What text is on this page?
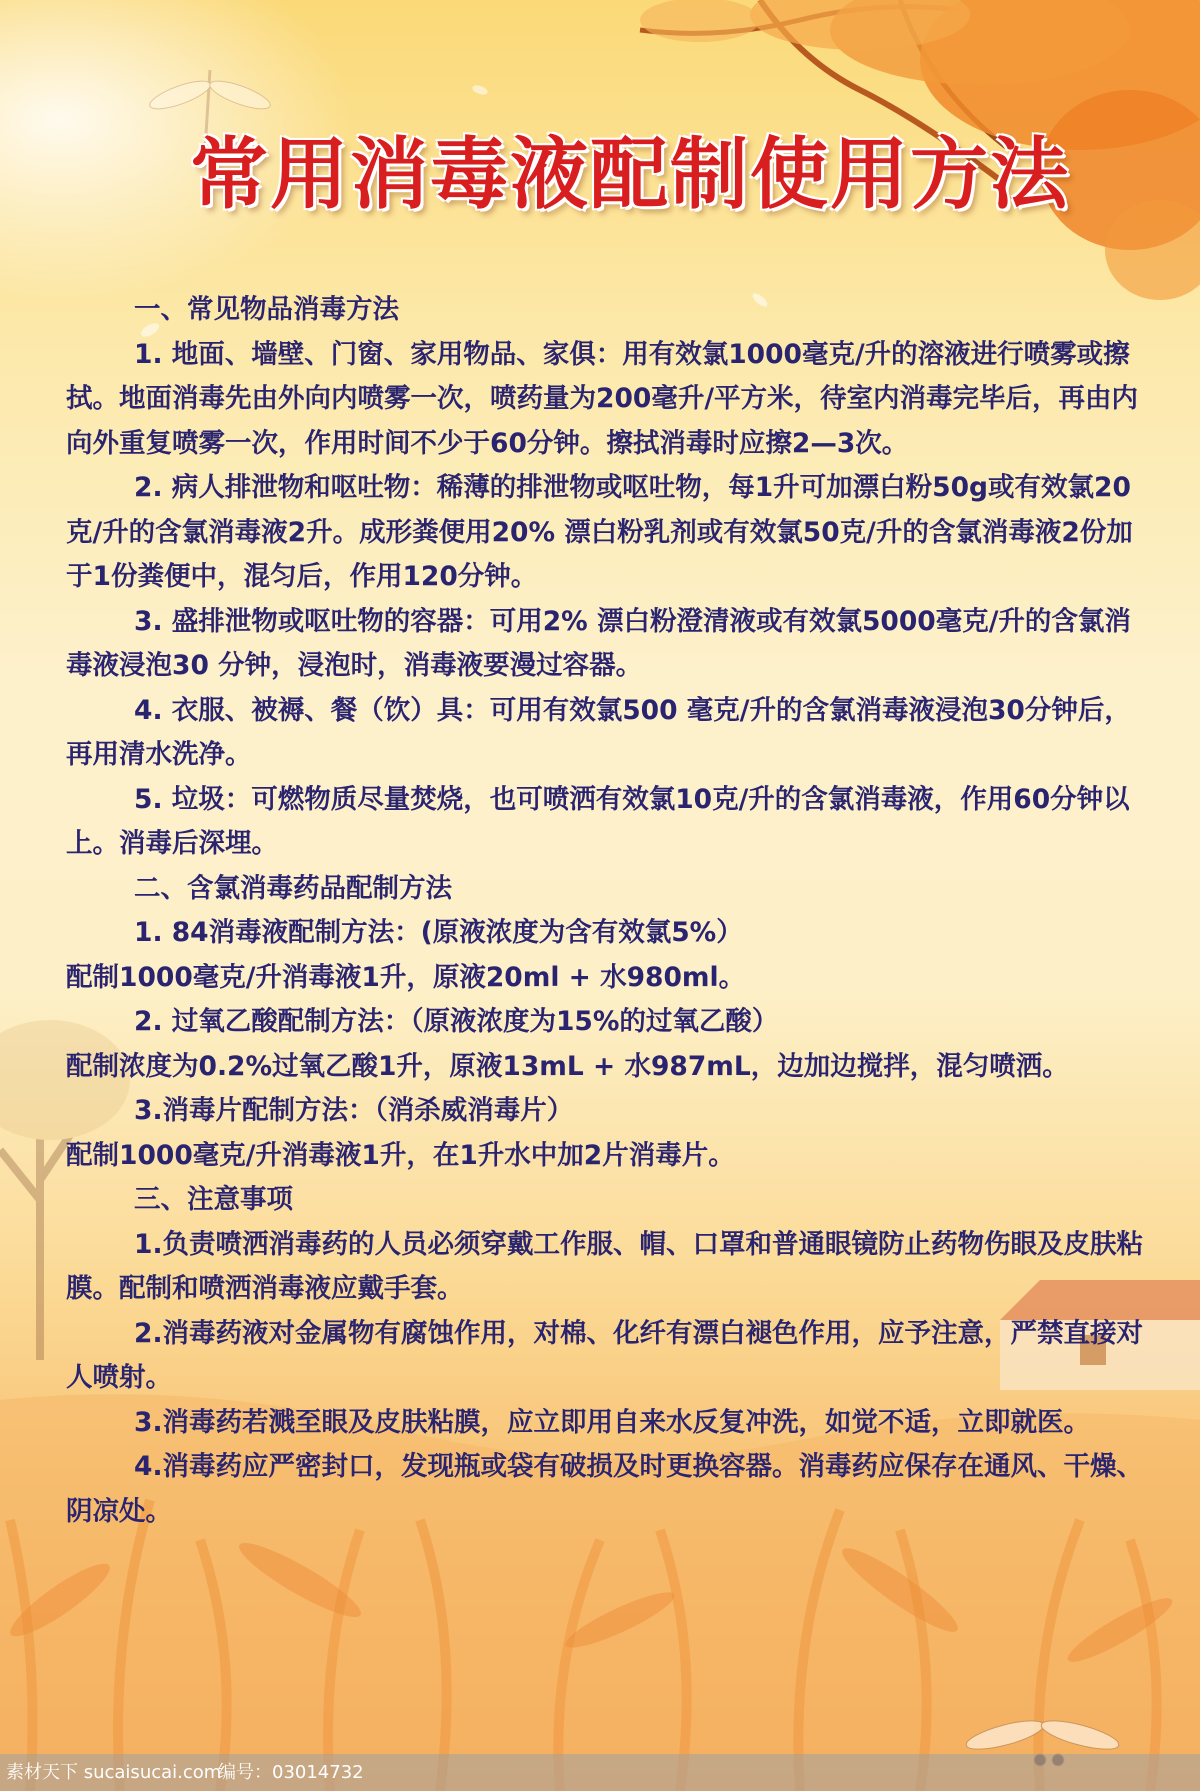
常用消毒液配制使用方法

一、常见物品消毒方法

1. 地面、墙壁、门窗、家用物品、家俱：用有效氯1000毫克/升的溶液进行喷雾或擦拭。地面消毒先由外向内喷雾一次，喷药量为200毫升/平方米，待室内消毒完毕后，再由内向外重复喷雾一次，作用时间不少于60分钟。擦拭消毒时应擦2—3次。

2. 病人排泄物和呕吐物：稀薄的排泄物或呕吐物，每1升可加漂白粉50g或有效氯20克/升的含氯消毒液2升。成形粪便用20% 漂白粉乳剂或有效氯50克/升的含氯消毒液2份加于1份粪便中，混匀后，作用120分钟。

3. 盛排泄物或呕吐物的容器：可用2% 漂白粉澄清液或有效氯5000毫克/升的含氯消毒液浸泡30 分钟，浸泡时，消毒液要漫过容器。

4. 衣服、被褥、餐（饮）具：可用有效氯500 毫克/升的含氯消毒液浸泡30分钟后，再用清水洗净。

5. 垃圾：可燃物质尽量焚烧，也可喷洒有效氯10克/升的含氯消毒液，作用60分钟以上。消毒后深埋。

二、含氯消毒药品配制方法

1. 84消毒液配制方法：(原液浓度为含有效氯5%）

配制1000毫克/升消毒液1升，原液20ml + 水980ml。

2. 过氧乙酸配制方法：（原液浓度为15%的过氧乙酸）

配制浓度为0.2%过氧乙酸1升，原液13mL + 水987mL，边加边搅拌，混匀喷洒。

3.消毒片配制方法：（消杀威消毒片）

配制1000毫克/升消毒液1升，在1升水中加2片消毒片。

三、注意事项

1.负责喷洒消毒药的人员必须穿戴工作服、帽、口罩和普通眼镜防止药物伤眼及皮肤粘膜。配制和喷洒消毒液应戴手套。

2.消毒药液对金属物有腐蚀作用，对棉、化纤有漂白褪色作用，应予注意，严禁直接对人喷射。

3.消毒药若溅至眼及皮肤粘膜，应立即用自来水反复冲洗，如觉不适，立即就医。

4.消毒药应严密封口，发现瓶或袋有破损及时更换容器。消毒药应保存在通风、干燥、阴凉处。

素材天下 sucaisucai.com
编号：03014732
